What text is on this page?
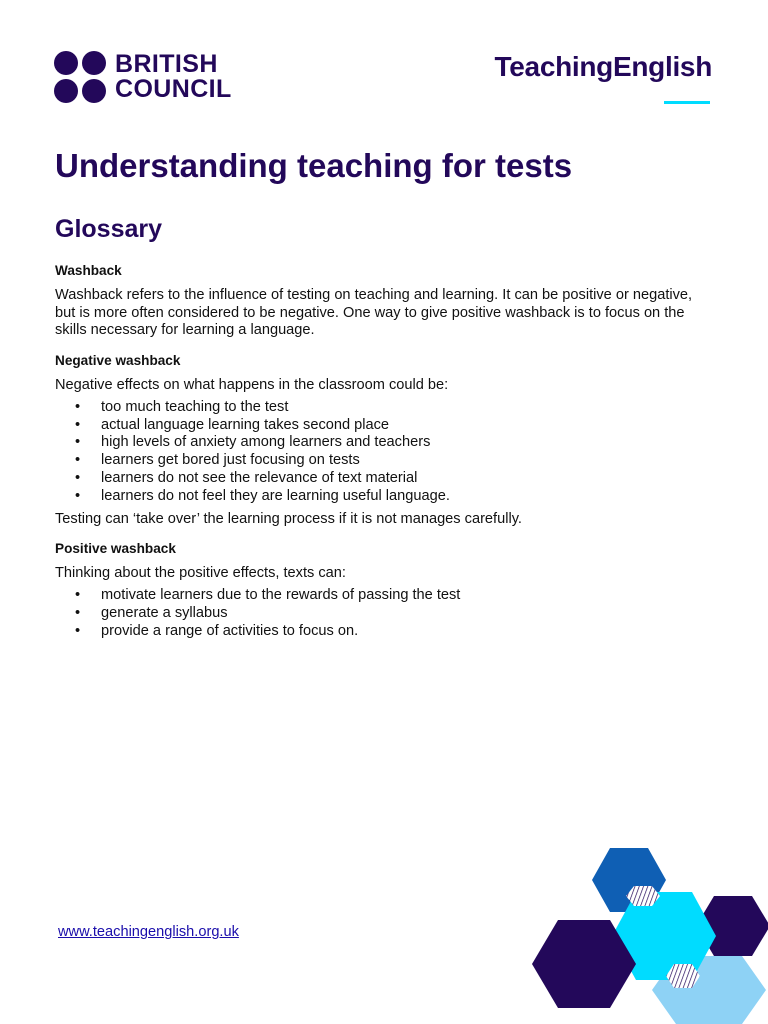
BRITISH
COUNCIL
TeachingEnglish
Understanding teaching for tests
Glossary
Washback

Washback refers to the influence of testing on teaching and learning. It can be positive or negative, but is more often considered to be negative. One way to give positive washback is to focus on the skills necessary for learning a language.

Negative washback

Negative effects on what happens in the classroom could be:

• too much teaching to the test
• actual language learning takes second place
• high levels of anxiety among learners and teachers
• learners get bored just focusing on tests
• learners do not see the relevance of text material
• learners do not feel they are learning useful language.

Testing can ‘take over’ the learning process if it is not manages carefully.

Positive washback

Thinking about the positive effects, texts can:

• motivate learners due to the rewards of passing the test
• generate a syllabus
• provide a range of activities to focus on.
www.teachingenglish.org.uk
